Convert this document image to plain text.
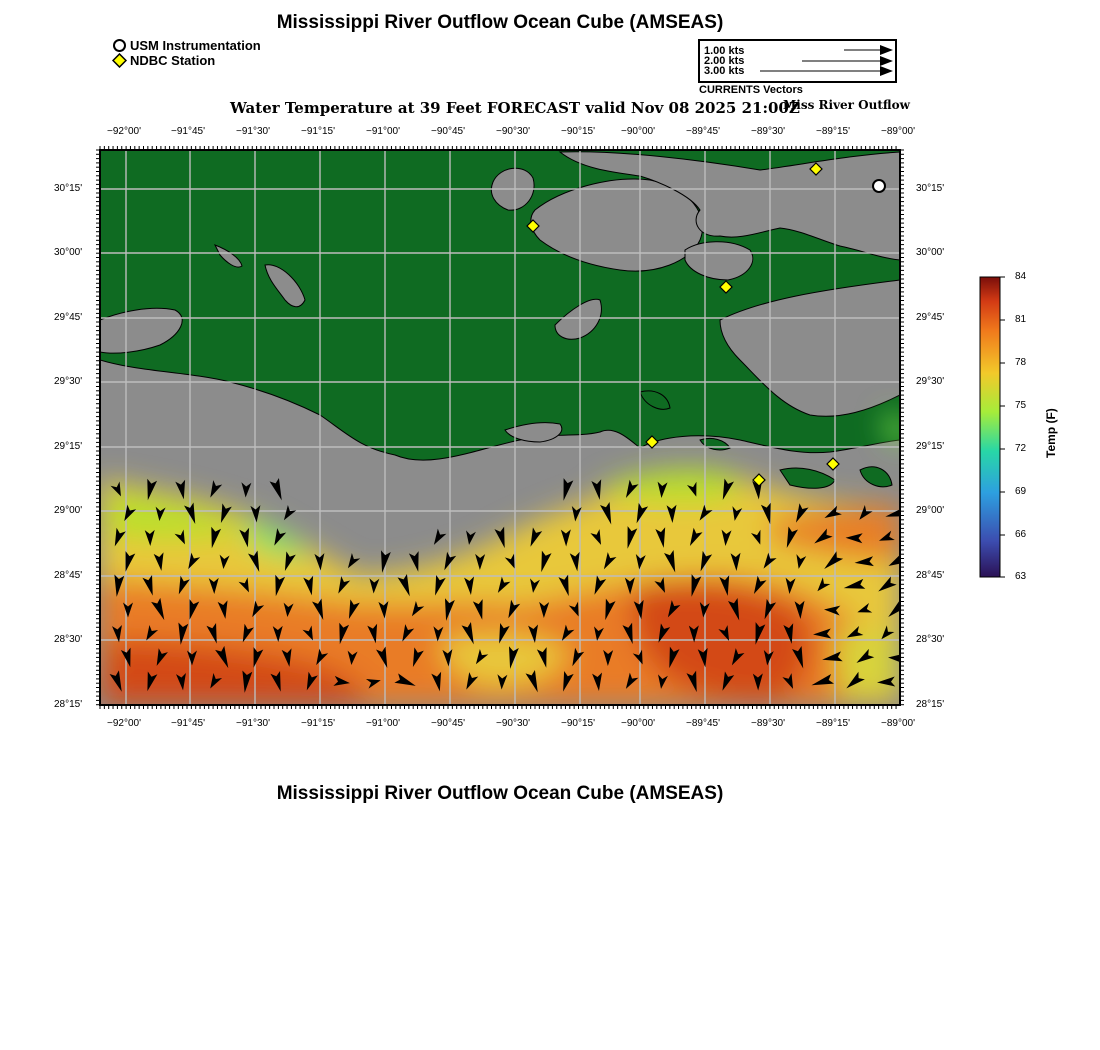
Mississippi River Outflow Ocean Cube (AMSEAS)
USM Instrumentation
NDBC Station
1.00 kts
2.00 kts
3.00 kts
CURRENTS Vectors
Water Temperature at 39 Feet FORECAST valid Nov 08 2025 21:00Z
Miss River Outflow
−92°00'	−91°45'	−91°30'	−91°15'	−91°00'	−90°45'	−90°30'	−90°15'	−90°00'	−89°45'	−89°30'	−89°15'	−89°00'
−92°00'	−91°45'	−91°30'	−91°15'	−91°00'	−90°45'	−90°30'	−90°15'	−90°00'	−89°45'	−89°30'	−89°15'	−89°00'
30°15'
30°00'
29°45'
29°30'
29°15'
29°00'
28°45'
28°30'
28°15'
30°15'
30°00'
29°45'
29°30'
29°15'
29°00'
28°45'
28°30'
28°15'
84
81
78
75
72
69
66
63
Temp (F)
Mississippi River Outflow Ocean Cube (AMSEAS)
